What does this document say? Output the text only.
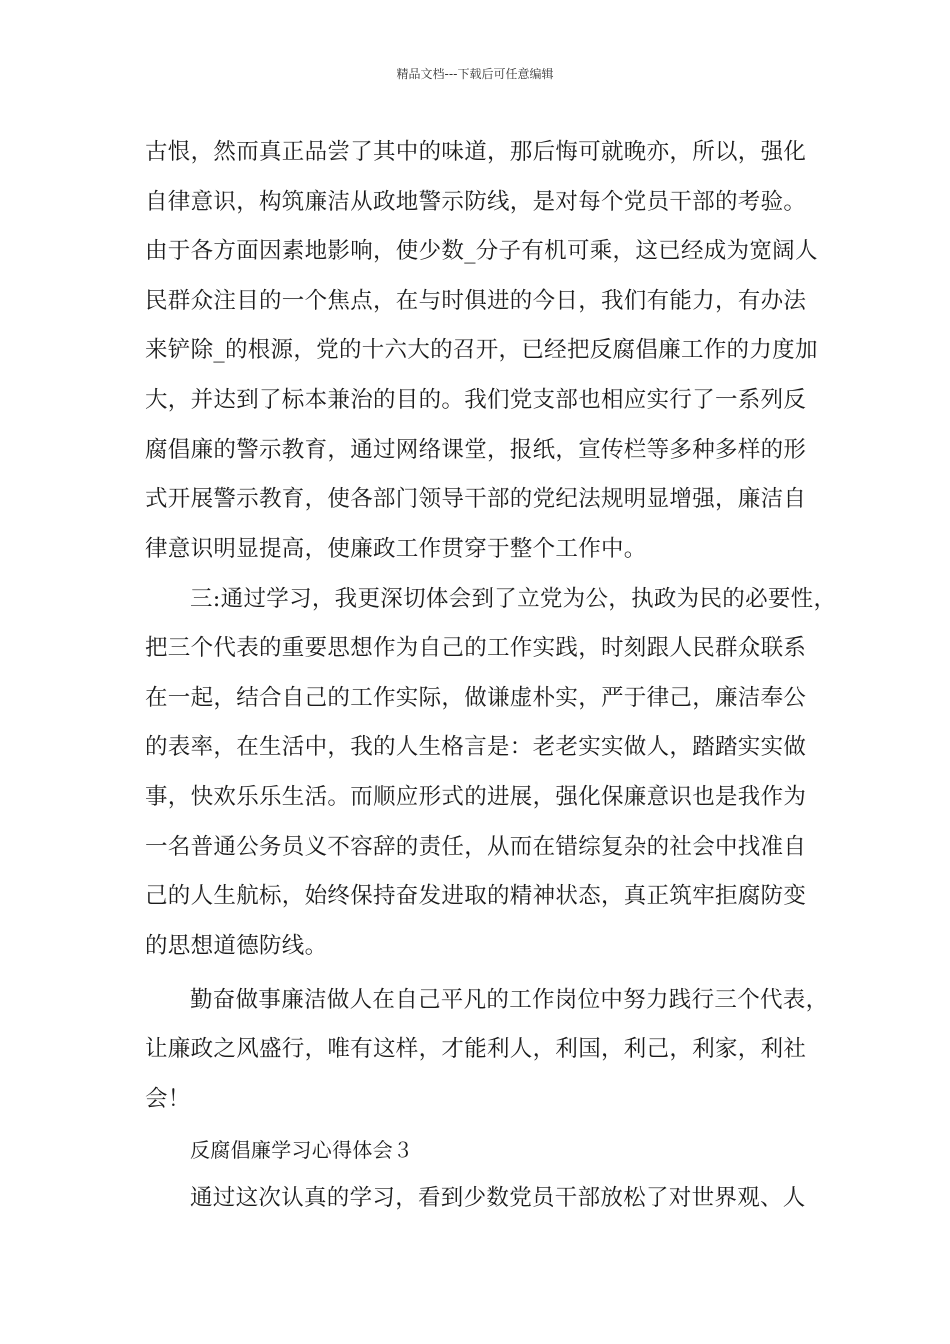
精品文档---下载后可任意编辑
古恨，然而真正品尝了其中的味道，那后悔可就晚亦，所以，强化
自律意识，构筑廉洁从政地警示防线，是对每个党员干部的考验。
由于各方面因素地影响，使少数_分子有机可乘，这已经成为宽阔人
民群众注目的一个焦点，在与时俱进的今日，我们有能力，有办法
来铲除_的根源，党的十六大的召开，已经把反腐倡廉工作的力度加
大，并达到了标本兼治的目的。我们党支部也相应实行了一系列反
腐倡廉的警示教育，通过网络课堂，报纸，宣传栏等多种多样的形
式开展警示教育，使各部门领导干部的党纪法规明显增强，廉洁自
律意识明显提高，使廉政工作贯穿于整个工作中。
三:通过学习，我更深切体会到了立党为公，执政为民的必要性，
把三个代表的重要思想作为自己的工作实践，时刻跟人民群众联系
在一起，结合自己的工作实际，做谦虚朴实，严于律己，廉洁奉公
的表率，在生活中，我的人生格言是：老老实实做人，踏踏实实做
事，快欢乐乐生活。而顺应形式的进展，强化保廉意识也是我作为
一名普通公务员义不容辞的责任，从而在错综复杂的社会中找准自
己的人生航标，始终保持奋发进取的精神状态，真正筑牢拒腐防变
的思想道德防线。
勤奋做事廉洁做人在自己平凡的工作岗位中努力践行三个代表，
让廉政之风盛行，唯有这样，才能利人，利国，利己，利家，利社
会！
反腐倡廉学习心得体会３
通过这次认真的学习，看到少数党员干部放松了对世界观、人
